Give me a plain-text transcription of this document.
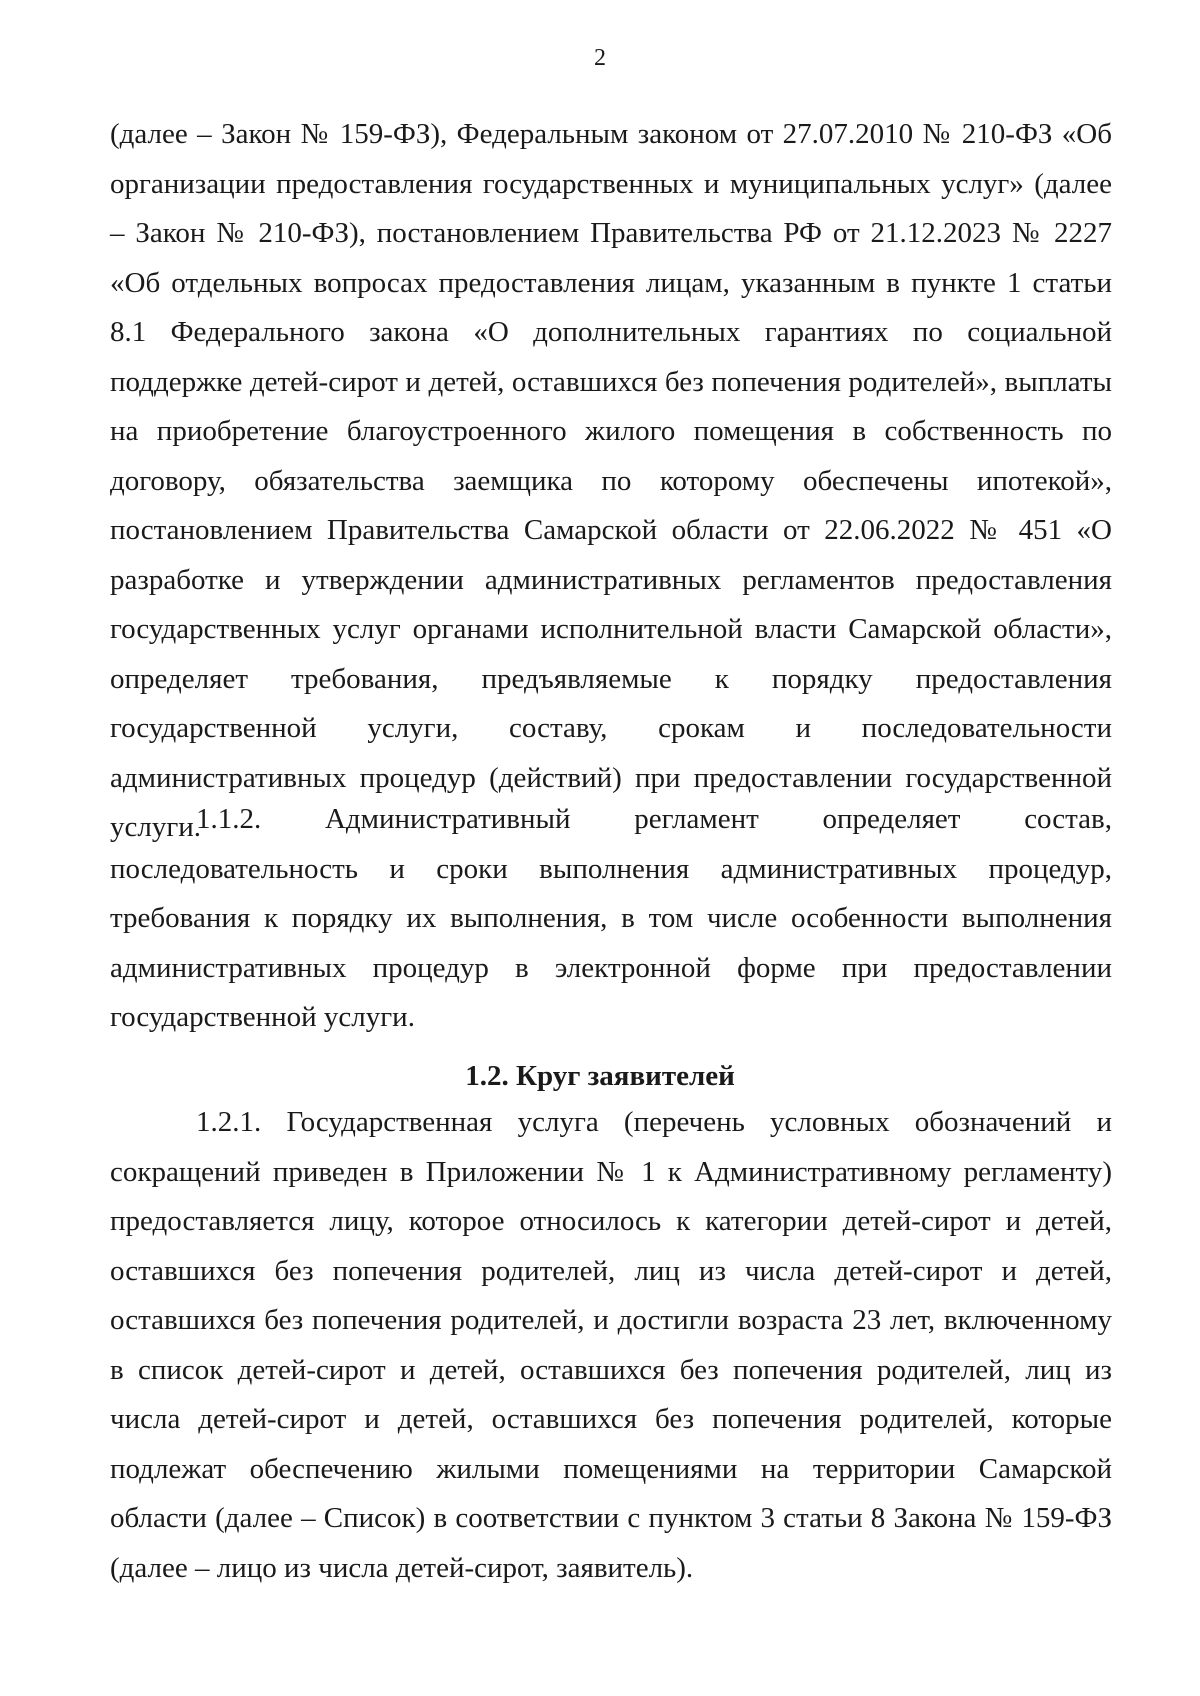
2

(далее – Закон № 159-ФЗ), Федеральным законом от 27.07.2010 № 210-ФЗ «Об организации предоставления государственных и муниципальных услуг» (далее – Закон № 210-ФЗ), постановлением Правительства РФ от 21.12.2023 № 2227 «Об отдельных вопросах предоставления лицам, указанным в пункте 1 статьи 8.1 Федерального закона «О дополнительных гарантиях по социальной поддержке детей-сирот и детей, оставшихся без попечения родителей», выплаты на приобретение благоустроенного жилого помещения в собственность по договору, обязательства заемщика по которому обеспечены ипотекой», постановлением Правительства Самарской области от 22.06.2022 № 451 «О разработке и утверждении административных регламентов предоставления государственных услуг органами исполнительной власти Самарской области», определяет требования, предъявляемые к порядку предоставления государственной услуги, составу, срокам и последовательности административных процедур (действий) при предоставлении государственной услуги.

1.1.2. Административный регламент определяет состав, последовательность и сроки выполнения административных процедур, требования к порядку их выполнения, в том числе особенности выполнения административных процедур в электронной форме при предоставлении государственной услуги.

1.2. Круг заявителей

1.2.1. Государственная услуга (перечень условных обозначений и сокращений приведен в Приложении № 1 к Административному регламенту) предоставляется лицу, которое относилось к категории детей-сирот и детей, оставшихся без попечения родителей, лиц из числа детей-сирот и детей, оставшихся без попечения родителей, и достигли возраста 23 лет, включенному в список детей-сирот и детей, оставшихся без попечения родителей, лиц из числа детей-сирот и детей, оставшихся без попечения родителей, которые подлежат обеспечению жилыми помещениями на территории Самарской области (далее – Список) в соответствии с пунктом 3 статьи 8 Закона № 159-ФЗ (далее – лицо из числа детей-сирот, заявитель).
